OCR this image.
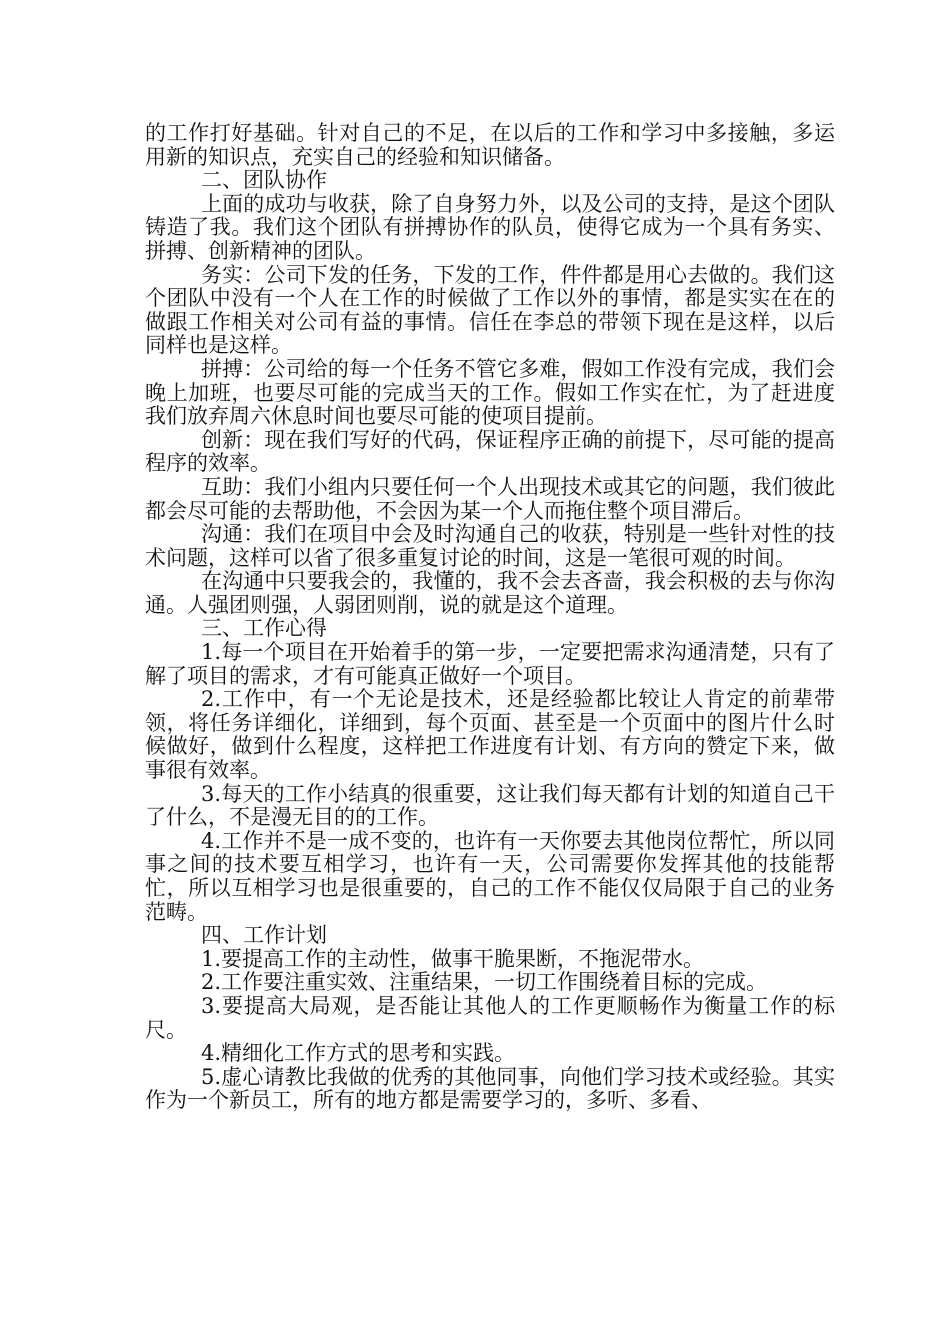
的工作打好基础。针对自己的不足，在以后的工作和学习中多接触，多运用新的知识点，充实自己的经验和知识储备。

二、团队协作

上面的成功与收获，除了自身努力外，以及公司的支持，是这个团队铸造了我。我们这个团队有拼搏协作的队员，使得它成为一个具有务实、拼搏、创新精神的团队。

务实：公司下发的任务，下发的工作，件件都是用心去做的。我们这个团队中没有一个人在工作的时候做了工作以外的事情，都是实实在在的做跟工作相关对公司有益的事情。信任在李总的带领下现在是这样，以后同样也是这样。

拼搏：公司给的每一个任务不管它多难，假如工作没有完成，我们会晚上加班，也要尽可能的完成当天的工作。假如工作实在忙，为了赶进度我们放弃周六休息时间也要尽可能的使项目提前。

创新：现在我们写好的代码，保证程序正确的前提下，尽可能的提高程序的效率。

互助：我们小组内只要任何一个人出现技术或其它的问题，我们彼此都会尽可能的去帮助他，不会因为某一个人而拖住整个项目滞后。

沟通：我们在项目中会及时沟通自己的收获，特别是一些针对性的技术问题，这样可以省了很多重复讨论的时间，这是一笔很可观的时间。

在沟通中只要我会的，我懂的，我不会去吝啬，我会积极的去与你沟通。人强团则强，人弱团则削，说的就是这个道理。

三、工作心得

1.每一个项目在开始着手的第一步，一定要把需求沟通清楚，只有了解了项目的需求，才有可能真正做好一个项目。

2.工作中，有一个无论是技术，还是经验都比较让人肯定的前辈带领，将任务详细化，详细到，每个页面、甚至是一个页面中的图片什么时候做好，做到什么程度，这样把工作进度有计划、有方向的赞定下来，做事很有效率。

3.每天的工作小结真的很重要，这让我们每天都有计划的知道自己干了什么，不是漫无目的的工作。

4.工作并不是一成不变的，也许有一天你要去其他岗位帮忙，所以同事之间的技术要互相学习，也许有一天，公司需要你发挥其他的技能帮忙，所以互相学习也是很重要的，自己的工作不能仅仅局限于自己的业务范畴。

四、工作计划

1.要提高工作的主动性，做事干脆果断，不拖泥带水。

2.工作要注重实效、注重结果，一切工作围绕着目标的完成。

3.要提高大局观，是否能让其他人的工作更顺畅作为衡量工作的标尺。

4.精细化工作方式的思考和实践。

5.虚心请教比我做的优秀的其他同事，向他们学习技术或经验。其实作为一个新员工，所有的地方都是需要学习的，多听、多看、
